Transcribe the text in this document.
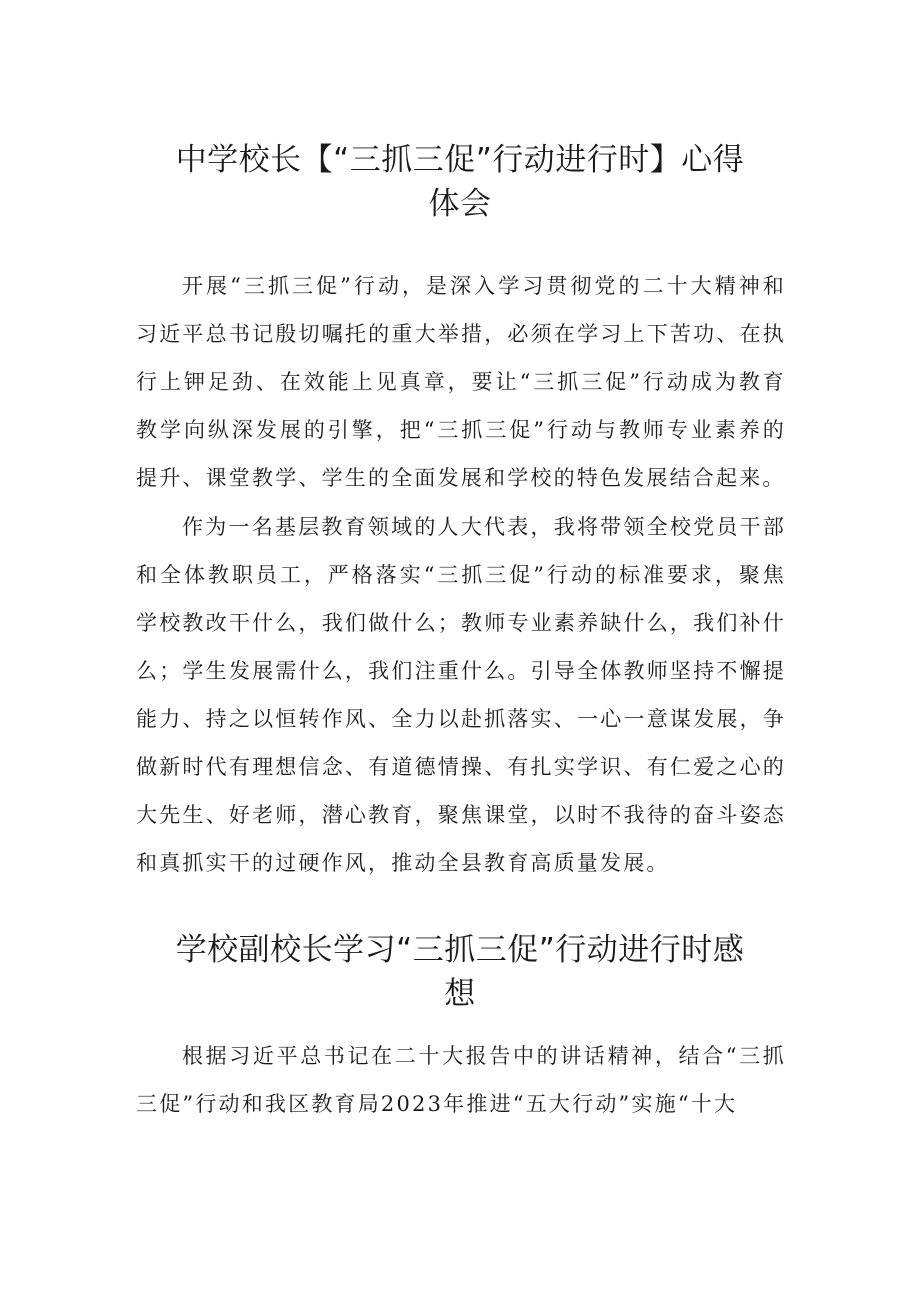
中学校长【“三抓三促”行动进行时】心得
体会

开展“三抓三促”行动，是深入学习贯彻党的二十大精神和习近平总书记殷切嘱托的重大举措，必须在学习上下苦功、在执行上钾足劲、在效能上见真章，要让“三抓三促”行动成为教育教学向纵深发展的引擎，把“三抓三促”行动与教师专业素养的提升、课堂教学、学生的全面发展和学校的特色发展结合起来。

作为一名基层教育领域的人大代表，我将带领全校党员干部和全体教职员工，严格落实“三抓三促”行动的标准要求，聚焦学校教改干什么，我们做什么；教师专业素养缺什么，我们补什么；学生发展需什么，我们注重什么。引导全体教师坚持不懈提能力、持之以恒转作风、全力以赴抓落实、一心一意谋发展，争做新时代有理想信念、有道德情操、有扎实学识、有仁爱之心的大先生、好老师，潜心教育，聚焦课堂，以时不我待的奋斗姿态和真抓实干的过硬作风，推动全县教育高质量发展。

学校副校长学习“三抓三促”行动进行时感
想

根据习近平总书记在二十大报告中的讲话精神，结合“三抓三促”行动和我区教育局2023年推进“五大行动”实施“十大
